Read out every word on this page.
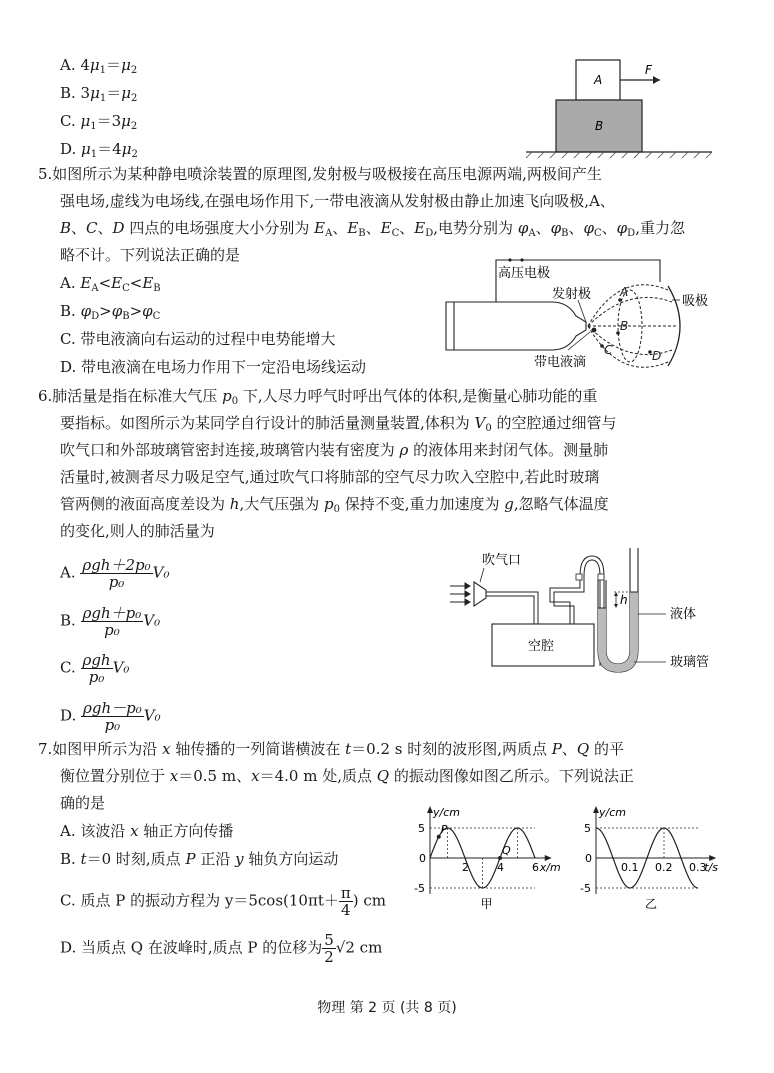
A. $4\mu_1=\mu_2$
B. $3\mu_1=\mu_2$
C. $\mu_1=3\mu_2$
D. $\mu_1=4\mu_2$
A
F
B
5.如图所示为某种静电喷涂装置的原理图,发射极与吸极接在高压电源两端,两极间产生
强电场,虚线为电场线,在强电场作用下,一带电液滴从发射极由静止加速飞向吸极,A、
B、C、D 四点的电场强度大小分别为 $E_A$、$E_B$、$E_C$、$E_D$,电势分别为 $\varphi_A$、$\varphi_B$、$\varphi_C$、$\varphi_D$,重力忽
略不计。下列说法正确的是
A. $E_A<E_C<E_B$
B. $\varphi_D>\varphi_B>\varphi_C$
C. 带电液滴向右运动的过程中电势能增大
D. 带电液滴在电场力作用下一定沿电场线运动
高压电极
发射极	吸极
A
B
C	D
带电液滴
6.肺活量是指在标准大气压 $p_0$ 下,人尽力呼气时呼出气体的体积,是衡量心肺功能的重
要指标。如图所示为某同学自行设计的肺活量测量装置,体积为 $V_0$ 的空腔通过细管与
吹气口和外部玻璃管密封连接,玻璃管内装有密度为 ρ 的液体用来封闭气体。测量肺
活量时,被测者尽力吸足空气,通过吹气口将肺部的空气尽力吹入空腔中,若此时玻璃
管两侧的液面高度差设为 h,大气压强为 $p_0$ 保持不变,重力加速度为 g,忽略气体温度
的变化,则人的肺活量为
A. $\frac{\text{ρgh＋2p₀}}{\text{p₀}} V_0$
B. $\frac{\text{ρgh＋p₀}}{\text{p₀}} V_0$
C. $\frac{\text{ρgh}}{\text{p₀}} V_0$
D. $\frac{\text{ρgh－p₀}}{\text{p₀}} V_0$
吹气口
空腔
h
液体
玻璃管
7.如图甲所示为沿 x 轴传播的一列简谐横波在 t＝0.2 s 时刻的波形图,两质点 P、Q 的平
衡位置分别位于 x＝0.5 m、x＝4.0 m 处,质点 Q 的振动图像如图乙所示。下列说法正
确的是
A. 该波沿 x 轴正方向传播
B. t＝0 时刻,质点 P 正沿 y 轴负方向运动
C. 质点 P 的振动方程为 $y=5\cos(10\pi t+ \frac{\pi}{4}$ ) cm
D. 当质点 Q 在波峰时,质点 P 的位移为 $\frac{5}{2} √2$ cm
y/cm
x/m
0
5
-5
2	4	6
甲
P
Q
y/cm
t/s
0
5
-5
0.1 0.2 0.3
乙
物理 第 2 页 (共 8 页)
